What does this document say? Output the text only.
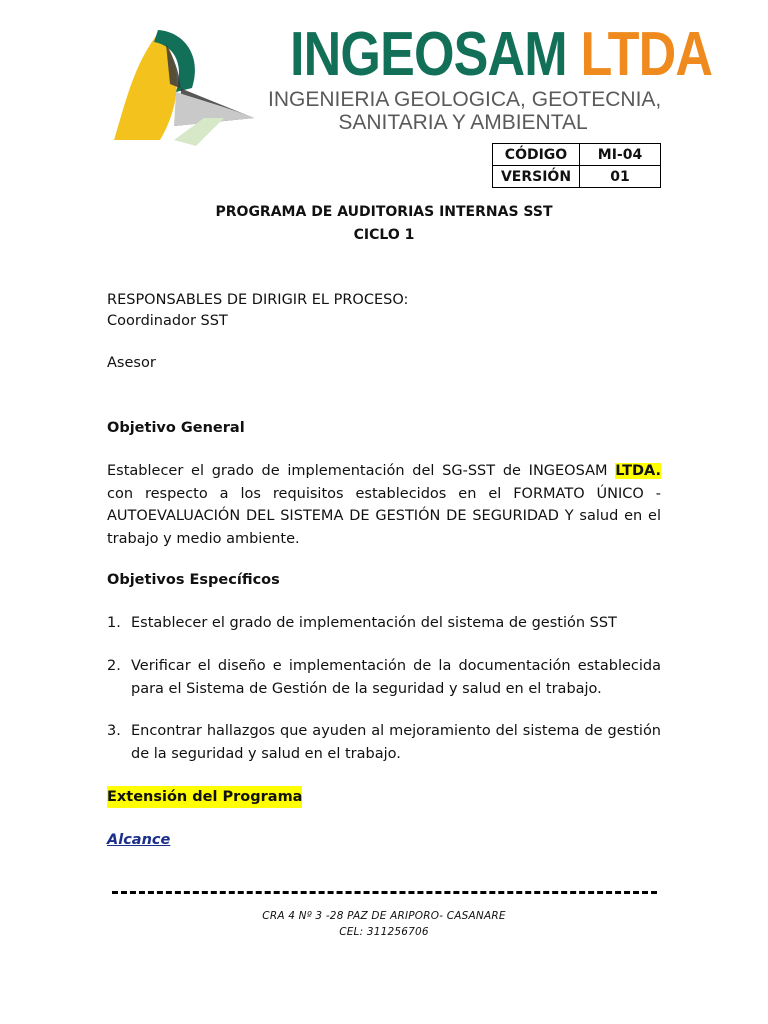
INGEOSAM LTDA
INGENIERIA GEOLOGICA, GEOTECNIA,
SANITARIA Y AMBIENTAL
CÓDIGO	MI-04
VERSIÓN	01
PROGRAMA DE AUDITORIAS INTERNAS SST
CICLO 1
RESPONSABLES DE DIRIGIR EL PROCESO:
Coordinador SST
Asesor
Objetivo General
Establecer el grado de implementación del SG-SST de INGEOSAM LTDA. con respecto a los requisitos establecidos en el FORMATO ÚNICO - AUTOEVALUACIÓN DEL SISTEMA DE GESTIÓN DE SEGURIDAD Y salud en el trabajo y medio ambiente.
Objetivos Específicos
1. Establecer el grado de implementación del sistema de gestión SST
2. Verificar el diseño e implementación de la documentación establecida para el Sistema de Gestión de la seguridad y salud en el trabajo.
3. Encontrar hallazgos que ayuden al mejoramiento del sistema de gestión de la seguridad y salud en el trabajo.
Extensión del Programa
Alcance
CRA 4 Nº 3 -28 PAZ DE ARIPORO- CASANARE
CEL: 311256706
